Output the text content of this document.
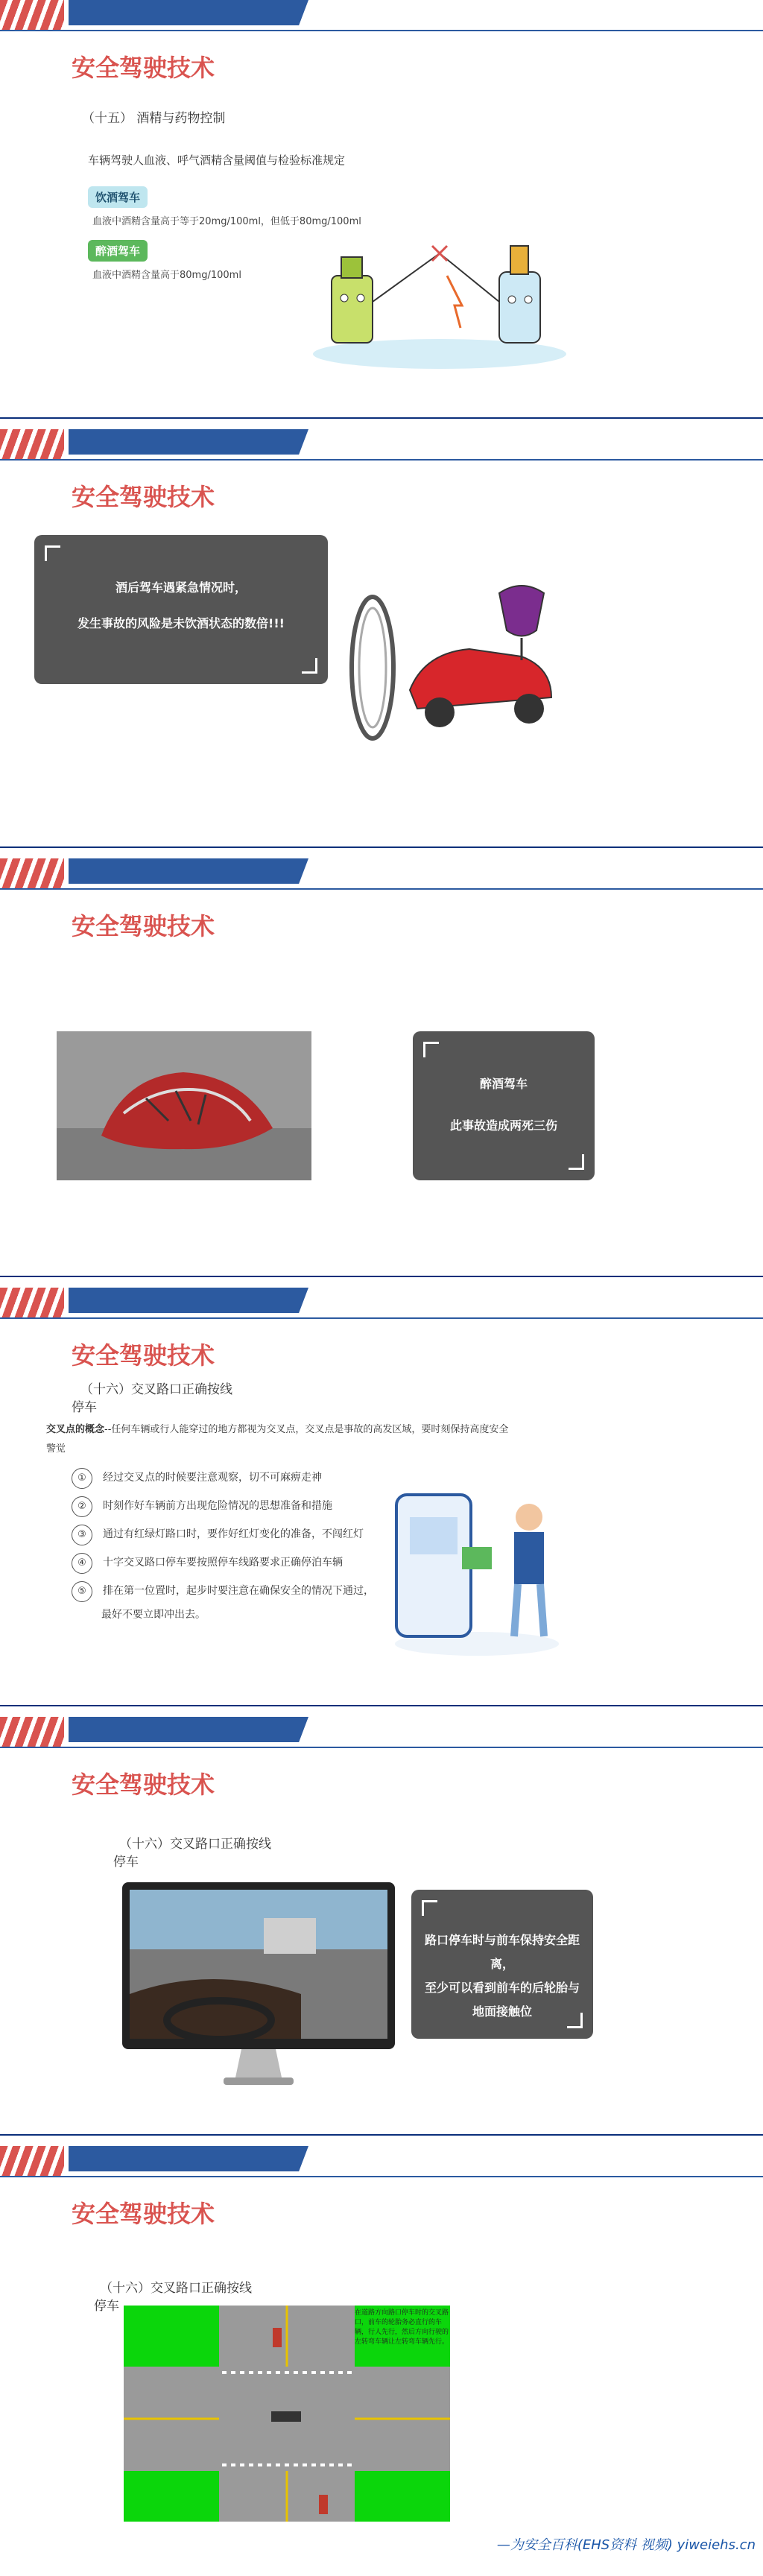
安全驾驶技术
（十五） 酒精与药物控制
车辆驾驶人血液、呼气酒精含量阈值与检验标准规定
饮酒驾车
血液中酒精含量高于等于20mg/100ml，但低于80mg/100ml
醉酒驾车
血液中酒精含量高于80mg/100ml
安全驾驶技术
酒后驾车遇紧急情况时，
发生事故的风险是未饮酒状态的数倍!!!
安全驾驶技术
醉酒驾车
此事故造成两死三伤
安全驾驶技术
（十六）交叉路口正确按线
停车
交叉点的概念--任何车辆或行人能穿过的地方都视为交叉点，交叉点是事故的高发区域，要时刻保持高度安全警觉
① 经过交叉点的时候要注意观察，切不可麻痹走神
② 时刻作好车辆前方出现危险情况的思想准备和措施
③ 通过有红绿灯路口时，要作好红灯变化的准备，不闯红灯
④ 十字交叉路口停车要按照停车线路要求正确停泊车辆
⑤ 排在第一位置时，起步时要注意在确保安全的情况下通过，
最好不要立即冲出去。
安全驾驶技术
（十六）交叉路口正确按线
停车
路口停车时与前车保持安全距离，
至少可以看到前车的后轮胎与地面接触位
安全驾驶技术
（十六）交叉路口正确按线
停车	在道路方向路口停车时的交叉路口，前车的轮胎务必直行的车辆，行人先行，然后方向行驶的左转弯车辆让左转弯车辆先行。
—为安全百科(EHS资料 视频) yiweiehs.cn
